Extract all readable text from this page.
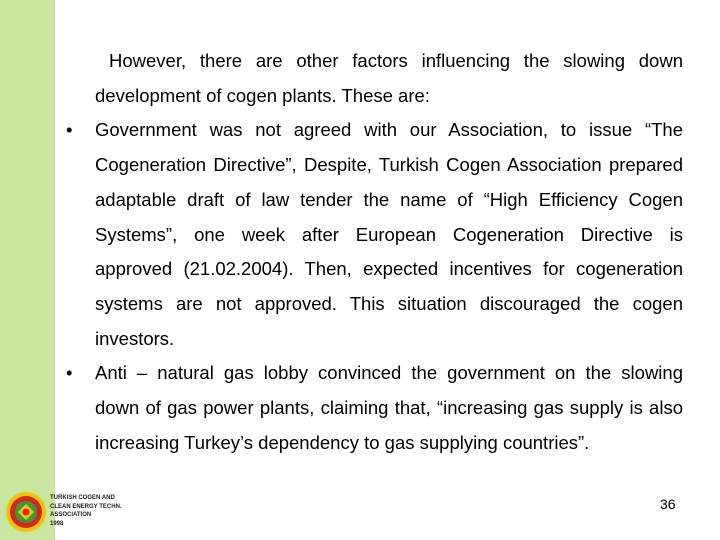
However, there are other factors influencing the slowing down development of cogen plants. These are:

• Government was not agreed with our Association, to issue “The Cogeneration Directive”, Despite, Turkish Cogen Association prepared adaptable draft of law tender the name of “High Efficiency Cogen Systems”, one week after European Cogeneration Directive is approved (21.02.2004). Then, expected incentives for cogeneration systems are not approved. This situation discouraged the cogen investors.

• Anti – natural gas lobby convinced the government on the slowing down of gas power plants, claiming that, “increasing gas supply is also increasing Turkey’s dependency to gas supplying countries”.

TURKISH COGEN AND
CLEAN ENERGY TECHN.
ASSOCIATION
1998
36
